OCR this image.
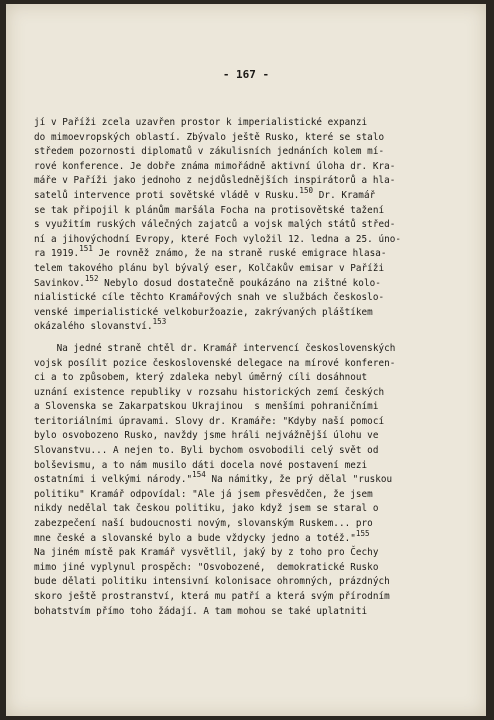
- 167 -
jí v Paříži zcela uzavřen prostor k imperialistické expanzi
do mimoevropských oblastí. Zbývalo ještě Rusko, které se stalo
středem pozornosti diplomatů v zákulisních jednáních kolem mí-
rové konference. Je dobře známa mimořádně aktivní úloha dr. Kra-
máře v Paříži jako jednoho z nejdůslednějších inspirátorů a hla-
satelů intervence proti sovětské vládě v Rusku.$^{150}$ Dr. Kramář
se tak připojil k plánům maršála Focha na protisovětské tažení
s využitím ruských válečných zajatců a vojsk malých států střed-
ní a jihovýchodní Evropy, které Foch vyložil 12. ledna a 25. úno-
ra 1919.$^{151}$ Je rovněž známo, že na straně ruské emigrace hlasa-
telem takového plánu byl bývalý eser, Kolčakův emisar v Paříži
Savinkov.$^{152}$ Nebylo dosud dostatečně poukázáno na zištné kolo-
nialistické cíle těchto Kramářových snah ve službách českoslo-
venské imperialistické velkoburžoazie, zakrývaných pláštíkem
okázalého slovanství.$^{153}$
Na jedné straně chtěl dr. Kramář intervencí československých
vojsk posílit pozice československé delegace na mírové konferen-
ci a to způsobem, který zdaleka nebyl úměrný cíli dosáhnout
uznání existence republiky v rozsahu historických zemí českých
a Slovenska se Zakarpatskou Ukrajinou  s menšími pohraničními
teritoriálními úpravami. Slovy dr. Kramáře: "Kdyby naší pomocí
bylo osvobozeno Rusko, navždy jsme hráli nejvážnější úlohu ve
Slovanstvu... A nejen to. Byli bychom osvobodili celý svět od
bolševismu, a to nám musilo dáti docela nové postavení mezi
ostatními i velkými národy."$^{154}$ Na námitky, že prý dělal "ruskou
politiku" Kramář odpovídal: "Ale já jsem přesvědčen, že jsem
nikdy nedělal tak českou politiku, jako když jsem se staral o
zabezpečení naší budoucnosti novým, slovanským Ruskem... pro
mne české a slovanské bylo a bude vždycky jedno a totéž."$^{155}$
Na jiném místě pak Kramář vysvětlil, jaký by z toho pro Čechy
mimo jiné vyplynul prospěch: "Osvobozené,  demokratické Rusko
bude dělati politiku intensivní kolonisace ohromných, prázdných
skoro ještě prostranství, která mu patří a která svým přírodním
bohatstvím přímo toho žádají. A tam mohou se také uplatniti
